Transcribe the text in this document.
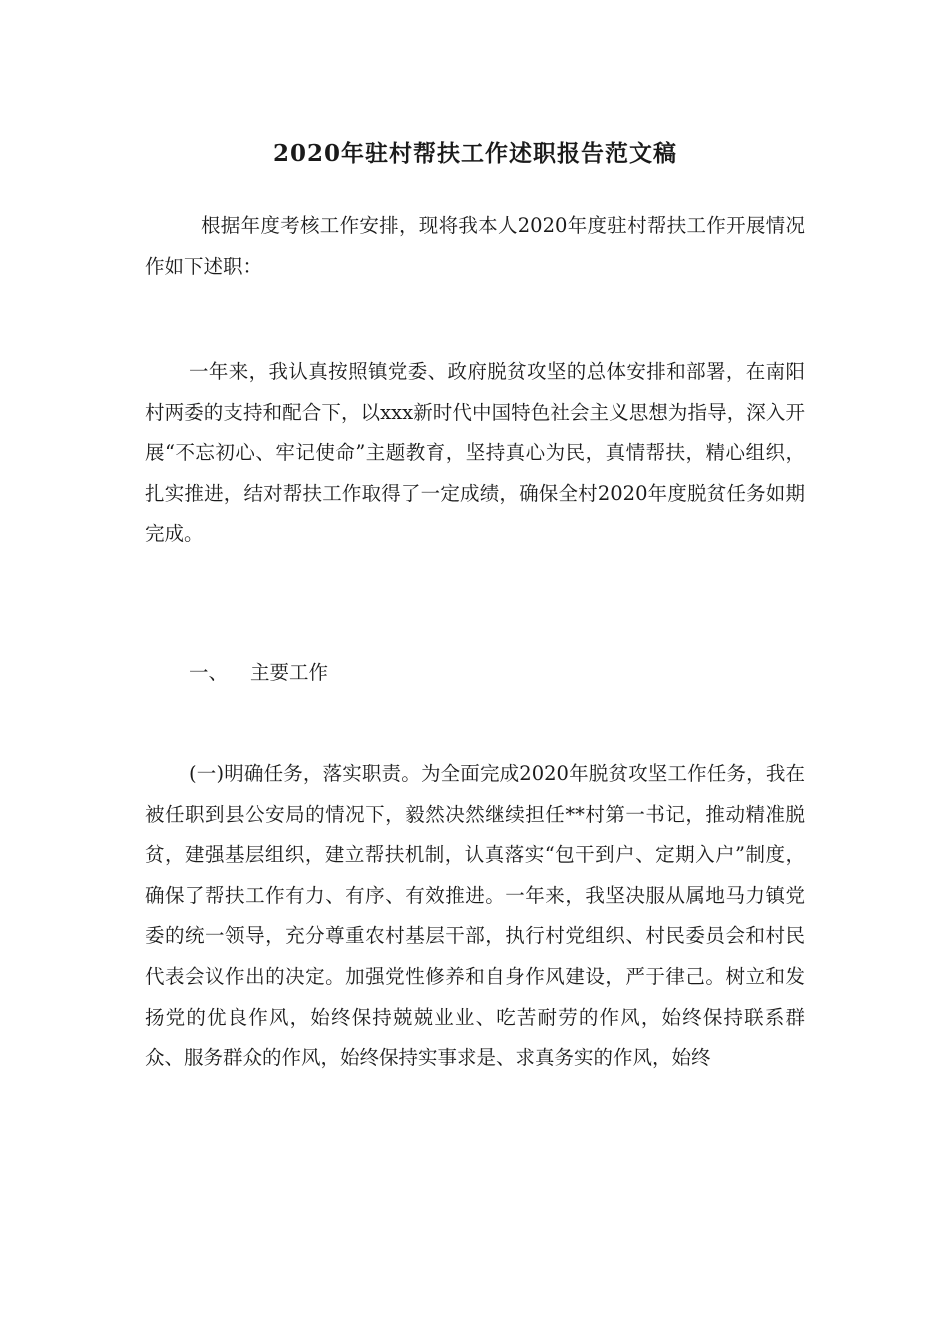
2020年驻村帮扶工作述职报告范文稿

根据年度考核工作安排，现将我本人2020年度驻村帮扶工作开展情况作如下述职：

一年来，我认真按照镇党委、政府脱贫攻坚的总体安排和部署，在南阳村两委的支持和配合下，以xxx新时代中国特色社会主义思想为指导，深入开展“不忘初心、牢记使命”主题教育，坚持真心为民，真情帮扶，精心组织，扎实推进，结对帮扶工作取得了一定成绩，确保全村2020年度脱贫任务如期完成。

一、 主要工作

(一)明确任务，落实职责。为全面完成2020年脱贫攻坚工作任务，我在被任职到县公安局的情况下，毅然决然继续担任**村第一书记，推动精准脱贫，建强基层组织，建立帮扶机制，认真落实“包干到户、定期入户”制度，确保了帮扶工作有力、有序、有效推进。一年来，我坚决服从属地马力镇党委的统一领导，充分尊重农村基层干部，执行村党组织、村民委员会和村民代表会议作出的决定。加强党性修养和自身作风建设，严于律己。树立和发扬党的优良作风，始终保持兢兢业业、吃苦耐劳的作风，始终保持联系群众、服务群众的作风，始终保持实事求是、求真务实的作风，始终
